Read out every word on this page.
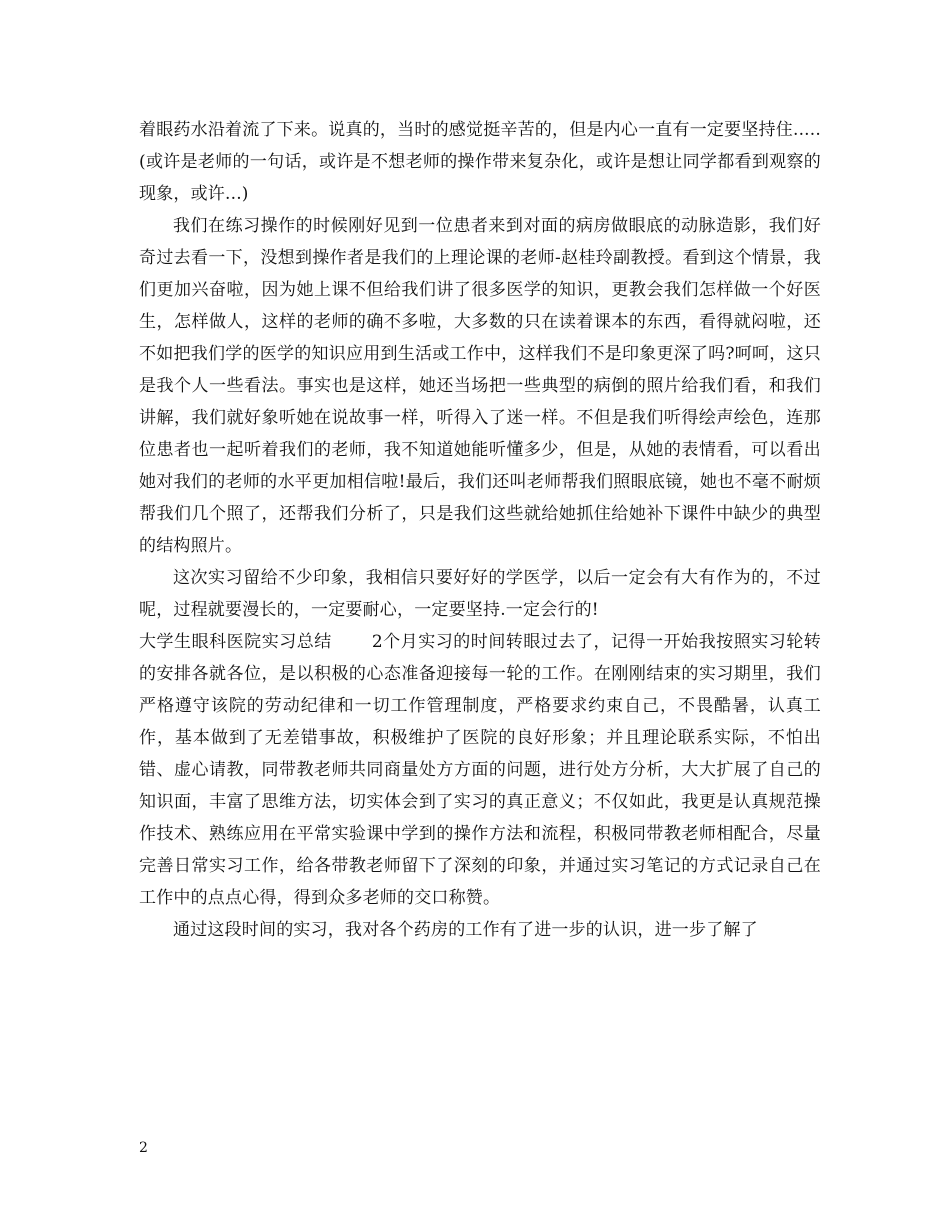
着眼药水沿着流了下来。说真的，当时的感觉挺辛苦的，但是内心一直有一定要坚持住.....(或许是老师的一句话，或许是不想老师的操作带来复杂化，或许是想让同学都看到观察的现象，或许...)

我们在练习操作的时候刚好见到一位患者来到对面的病房做眼底的动脉造影，我们好奇过去看一下，没想到操作者是我们的上理论课的老师-赵桂玲副教授。看到这个情景，我们更加兴奋啦，因为她上课不但给我们讲了很多医学的知识，更教会我们怎样做一个好医生，怎样做人，这样的老师的确不多啦，大多数的只在读着课本的东西，看得就闷啦，还不如把我们学的医学的知识应用到生活或工作中，这样我们不是印象更深了吗?呵呵，这只是我个人一些看法。事实也是这样，她还当场把一些典型的病倒的照片给我们看，和我们讲解，我们就好象听她在说故事一样，听得入了迷一样。不但是我们听得绘声绘色，连那位患者也一起听着我们的老师，我不知道她能听懂多少，但是，从她的表情看，可以看出她对我们的老师的水平更加相信啦!最后，我们还叫老师帮我们照眼底镜，她也不毫不耐烦帮我们几个照了，还帮我们分析了，只是我们这些就给她抓住给她补下课件中缺少的典型的结构照片。

这次实习留给不少印象，我相信只要好好的学医学，以后一定会有大有作为的，不过呢，过程就要漫长的，一定要耐心，一定要坚持.一定会行的!

大学生眼科医院实习总结 2个月实习的时间转眼过去了，记得一开始我按照实习轮转的安排各就各位，是以积极的心态准备迎接每一轮的工作。在刚刚结束的实习期里，我们严格遵守该院的劳动纪律和一切工作管理制度，严格要求约束自己，不畏酷暑，认真工作，基本做到了无差错事故，积极维护了医院的良好形象；并且理论联系实际，不怕出错、虚心请教，同带教老师共同商量处方方面的问题，进行处方分析，大大扩展了自己的知识面，丰富了思维方法，切实体会到了实习的真正意义；不仅如此，我更是认真规范操作技术、熟练应用在平常实验课中学到的操作方法和流程，积极同带教老师相配合，尽量完善日常实习工作，给各带教老师留下了深刻的印象，并通过实习笔记的方式记录自己在工作中的点点心得，得到众多老师的交口称赞。

通过这段时间的实习，我对各个药房的工作有了进一步的认识，进一步了解了

2
